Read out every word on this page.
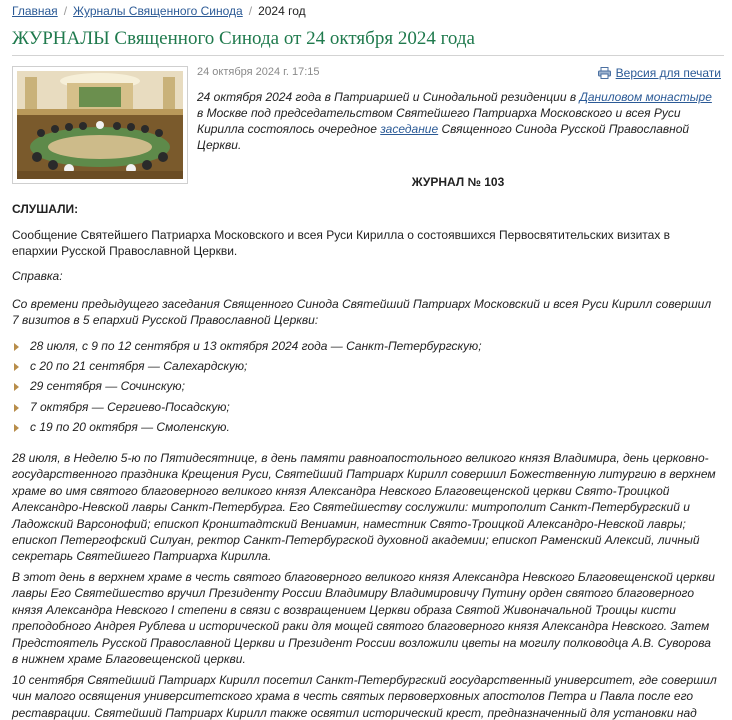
Главная / Журналы Священного Синода / 2024 год
ЖУРНАЛЫ Священного Синода от 24 октября 2024 года
24 октября 2024 г. 17:15	Версия для печати

24 октября 2024 года в Патриаршей и Синодальной резиденции в Даниловом монастыре в Москве под председательством Святейшего Патриарха Московского и всея Руси Кирилла состоялось очередное заседание Священного Синода Русской Православной Церкви.

ЖУРНАЛ № 103

СЛУШАЛИ:

Сообщение Святейшего Патриарха Московского и всея Руси Кирилла о состоявшихся Первосвятительских визитах в епархии Русской Православной Церкви.

Справка:

Со времени предыдущего заседания Священного Синода Святейший Патриарх Московский и всея Руси Кирилл совершил 7 визитов в 5 епархий Русской Православной Церкви:

28 июля, с 9 по 12 сентября и 13 октября 2024 года — Санкт-Петербургскую;
с 20 по 21 сентября — Салехардскую;
29 сентября — Сочинскую;
7 октября — Сергиево-Посадскую;
с 19 по 20 октября — Смоленскую.

28 июля, в Неделю 5-ю по Пятидесятнице, в день памяти равноапостольного великого князя Владимира, день церковно-государственного праздника Крещения Руси, Святейший Патриарх Кирилл совершил Божественную литургию в верхнем храме во имя святого благоверного великого князя Александра Невского Благовещенской церкви Свято-Троицкой Александро-Невской лавры Санкт-Петербурга. Его Святейшеству сослужили: митрополит Санкт-Петербургский и Ладожский Варсонофий; епископ Кронштадтский Вениамин, наместник Свято-Троицкой Александро-Невской лавры; епископ Петергофский Силуан, ректор Санкт-Петербургской духовной академии; епископ Раменский Алексий, личный секретарь Святейшего Патриарха Кирилла.

В этот день в верхнем храме в честь святого благоверного великого князя Александра Невского Благовещенской церкви лавры Его Святейшество вручил Президенту России Владимиру Владимировичу Путину орден святого благоверного князя Александра Невского I степени в связи с возвращением Церкви образа Святой Живоначальной Троицы кисти преподобного Андрея Рублева и исторической раки для мощей святого благоверного князя Александра Невского. Затем Предстоятель Русской Православной Церкви и Президент России возложили цветы на могилу полководца А.В. Суворова в нижнем храме Благовещенской церкви.

10 сентября Святейший Патриарх Кирилл посетил Санкт-Петербургский государственный университет, где совершил чин малого освящения университетского храма в честь святых первоверховных апостолов Петра и Павла после его реставрации. Святейший Патриарх Кирилл также освятил исторический крест, предназначенный для установки над
